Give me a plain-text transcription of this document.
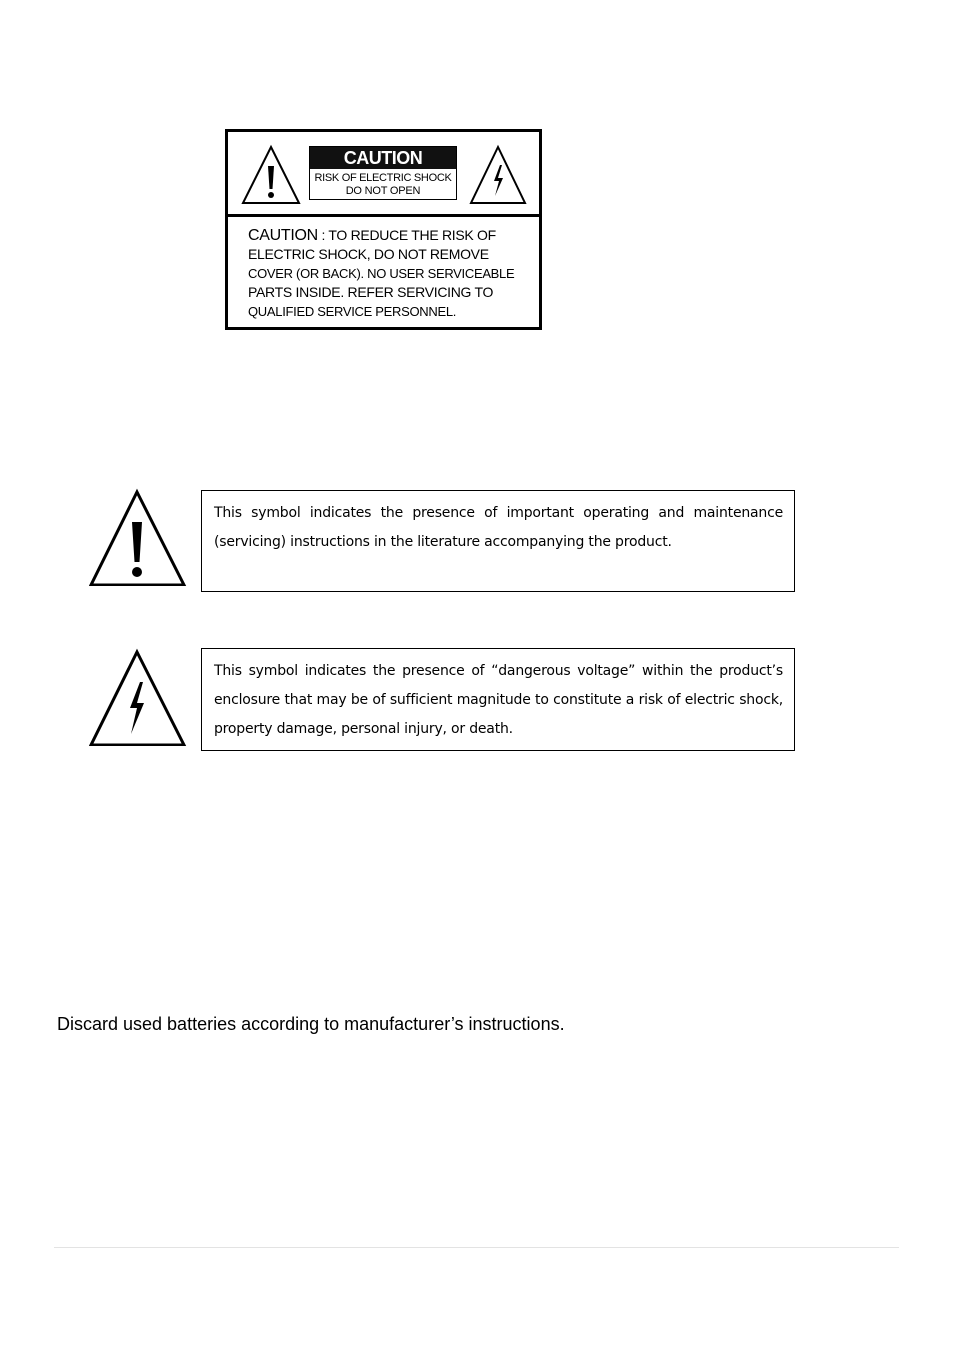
CAUTION
RISK OF ELECTRIC SHOCK
DO NOT OPEN
CAUTION : TO REDUCE THE RISK OF
ELECTRIC SHOCK, DO NOT REMOVE
COVER (OR BACK). NO USER SERVICEABLE
PARTS INSIDE. REFER SERVICING TO
QUALIFIED SERVICE PERSONNEL.
This symbol indicates the presence of important operating and maintenance (servicing) instructions in the literature accompanying the product.
This symbol indicates the presence of “dangerous voltage” within the product’s enclosure that may be of sufficient magnitude to constitute a risk of electric shock, property damage, personal injury, or death.
Discard used batteries according to manufacturer’s instructions.
